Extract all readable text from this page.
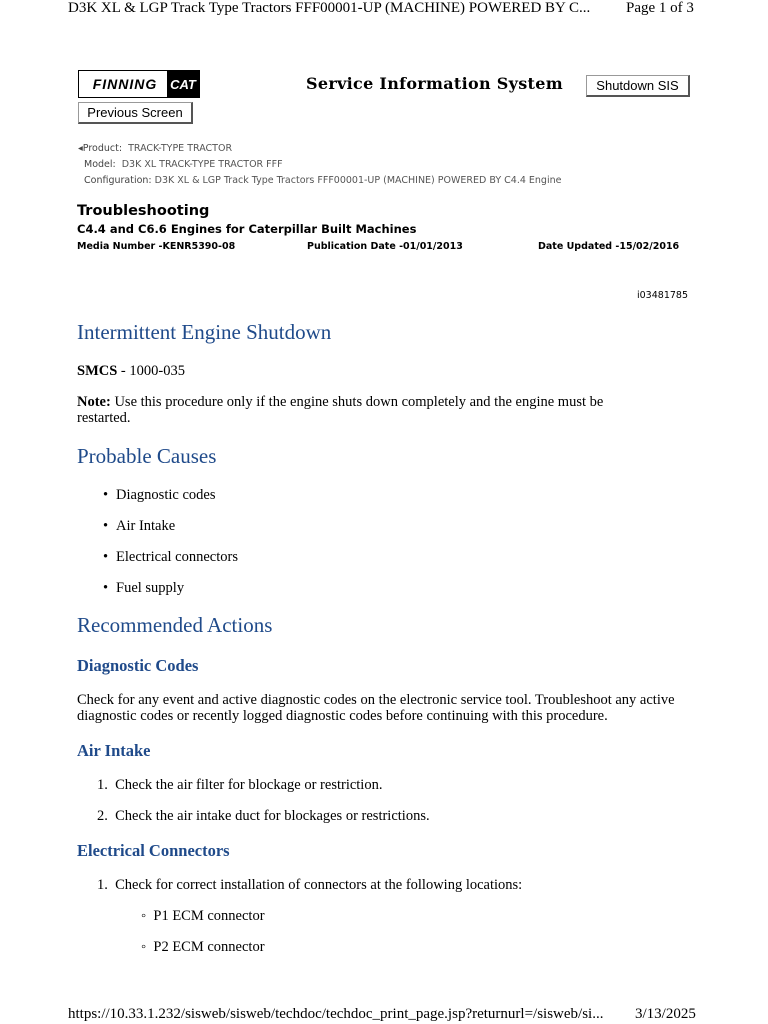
D3K XL & LGP Track Type Tractors FFF00001-UP (MACHINE) POWERED BY C... Page 1 of 3
FINNING CAT	Service Information System	Shutdown SIS
Previous Screen
◂Product: TRACK-TYPE TRACTOR
Model: D3K XL TRACK-TYPE TRACTOR FFF
Configuration: D3K XL & LGP Track Type Tractors FFF00001-UP (MACHINE) POWERED BY C4.4 Engine
Troubleshooting
C4.4 and C6.6 Engines for Caterpillar Built Machines
Media Number -KENR5390-08	Publication Date -01/01/2013	Date Updated -15/02/2016
i03481785
Intermittent Engine Shutdown
SMCS - 1000-035
Note: Use this procedure only if the engine shuts down completely and the engine must be restarted.
Probable Causes
• Diagnostic codes
• Air Intake
• Electrical connectors
• Fuel supply
Recommended Actions
Diagnostic Codes
Check for any event and active diagnostic codes on the electronic service tool. Troubleshoot any active diagnostic codes or recently logged diagnostic codes before continuing with this procedure.
Air Intake
1.  Check the air filter for blockage or restriction.
2.  Check the air intake duct for blockages or restrictions.
Electrical Connectors
1.  Check for correct installation of connectors at the following locations:
◦  P1 ECM connector
◦  P2 ECM connector
https://10.33.1.232/sisweb/sisweb/techdoc/techdoc_print_page.jsp?returnurl=/sisweb/si... 3/13/2025
